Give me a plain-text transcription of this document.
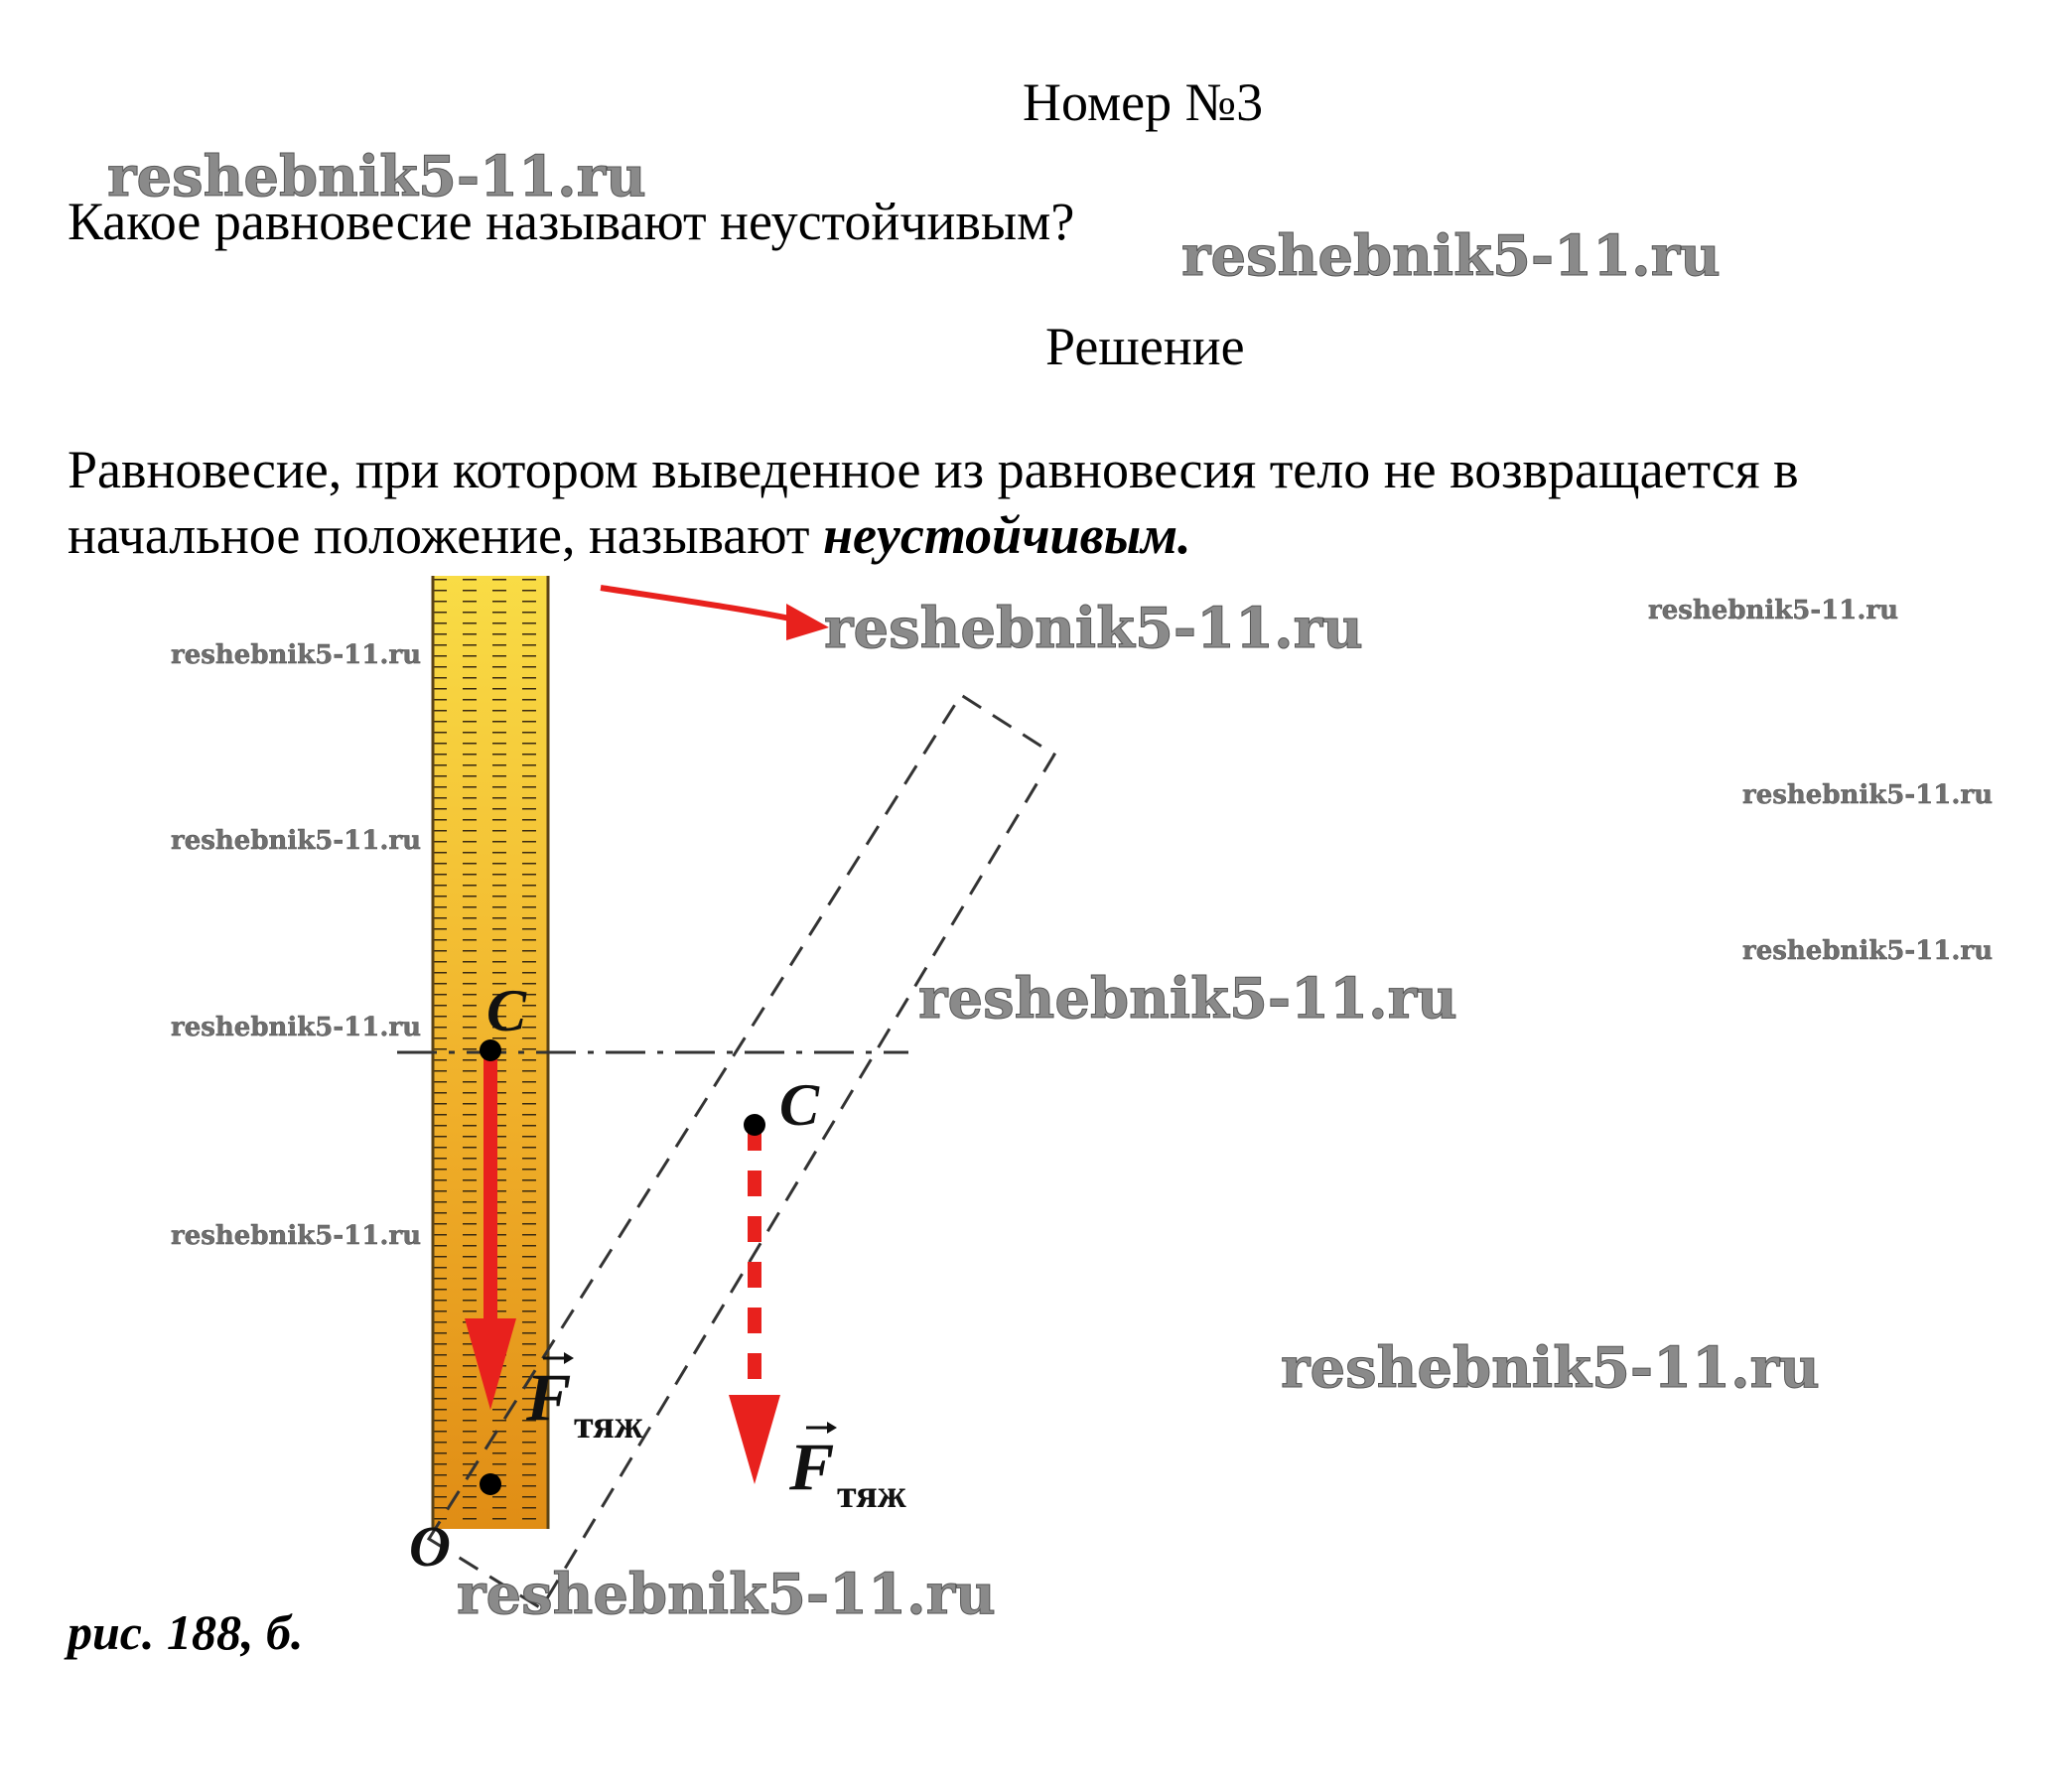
Номер №3
Какое равновесие называют неустойчивым?
Решение
Равновесие, при котором выведенное из равновесия тело не возвращается в начальное положение, называют неустойчивым.
C
C
O
F тяж
F тяж
рис. 188, б.
reshebnik5-11.ru
reshebnik5-11.ru
reshebnik5-11.ru
reshebnik5-11.ru
reshebnik5-11.ru
reshebnik5-11.ru
reshebnik5-11.ru
reshebnik5-11.ru
reshebnik5-11.ru
reshebnik5-11.ru
reshebnik5-11.ru
reshebnik5-11.ru
reshebnik5-11.ru
